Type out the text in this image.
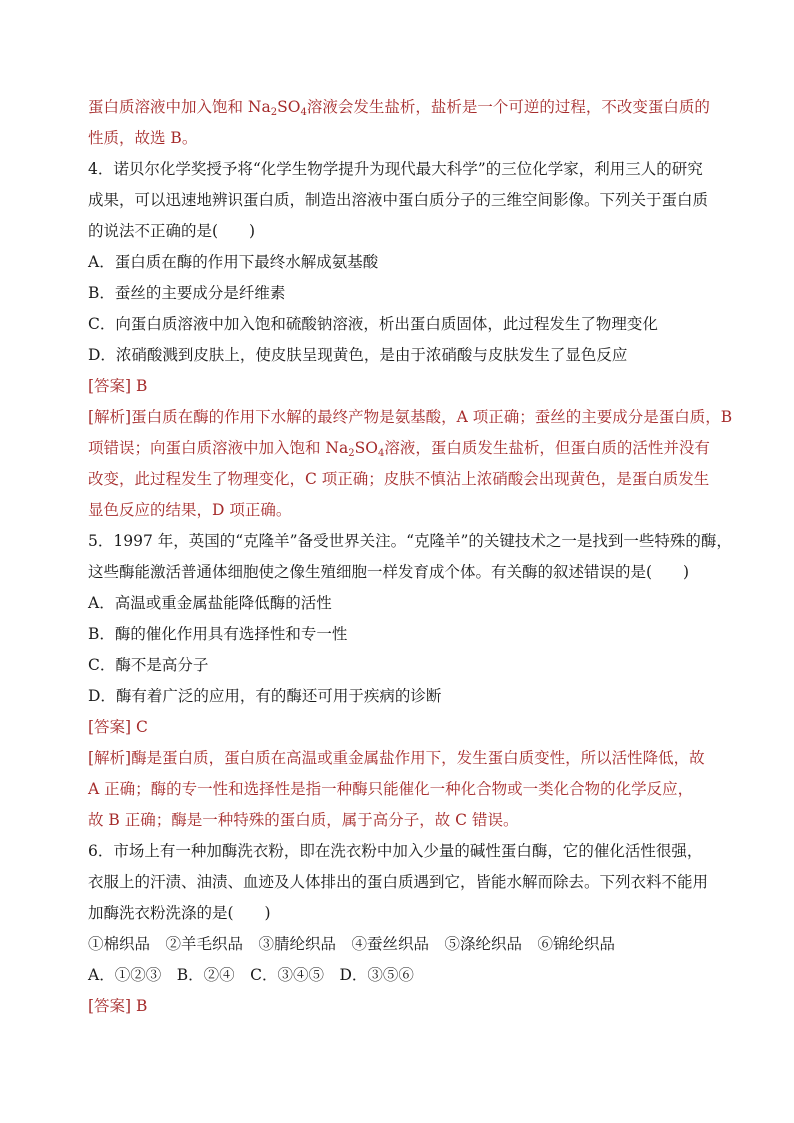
蛋白质溶液中加入饱和 $Na_2SO_4$溶液会发生盐析，盐析是一个可逆的过程，不改变蛋白质的
性质，故选 B。
4．诺贝尔化学奖授予将“化学生物学提升为现代最大科学”的三位化学家，利用三人的研究
成果，可以迅速地辨识蛋白质，制造出溶液中蛋白质分子的三维空间影像。下列关于蛋白质
的说法不正确的是(　　)
A．蛋白质在酶的作用下最终水解成氨基酸
B．蚕丝的主要成分是纤维素
C．向蛋白质溶液中加入饱和硫酸钠溶液，析出蛋白质固体，此过程发生了物理变化
D．浓硝酸溅到皮肤上，使皮肤呈现黄色，是由于浓硝酸与皮肤发生了显色反应
[答案] B
[解析]蛋白质在酶的作用下水解的最终产物是氨基酸，A 项正确；蚕丝的主要成分是蛋白质，B
项错误；向蛋白质溶液中加入饱和 $Na_2SO_4$溶液，蛋白质发生盐析，但蛋白质的活性并没有
改变，此过程发生了物理变化，C 项正确；皮肤不慎沾上浓硝酸会出现黄色，是蛋白质发生
显色反应的结果，D 项正确。
5．1997 年，英国的“克隆羊”备受世界关注。“克隆羊”的关键技术之一是找到一些特殊的酶，
这些酶能激活普通体细胞使之像生殖细胞一样发育成个体。有关酶的叙述错误的是(　　)
A．高温或重金属盐能降低酶的活性
B．酶的催化作用具有选择性和专一性
C．酶不是高分子
D．酶有着广泛的应用，有的酶还可用于疾病的诊断
[答案] C
[解析]酶是蛋白质，蛋白质在高温或重金属盐作用下，发生蛋白质变性，所以活性降低，故
A 正确；酶的专一性和选择性是指一种酶只能催化一种化合物或一类化合物的化学反应，
故 B 正确；酶是一种特殊的蛋白质，属于高分子，故 C 错误。
6．市场上有一种加酶洗衣粉，即在洗衣粉中加入少量的碱性蛋白酶，它的催化活性很强，
衣服上的汗渍、油渍、血迹及人体排出的蛋白质遇到它，皆能水解而除去。下列衣料不能用
加酶洗衣粉洗涤的是(　　)
①棉织品　②羊毛织品　③腈纶织品　④蚕丝织品　⑤涤纶织品　⑥锦纶织品
A．①②③　B．②④　C．③④⑤　D．③⑤⑥
[答案] B
